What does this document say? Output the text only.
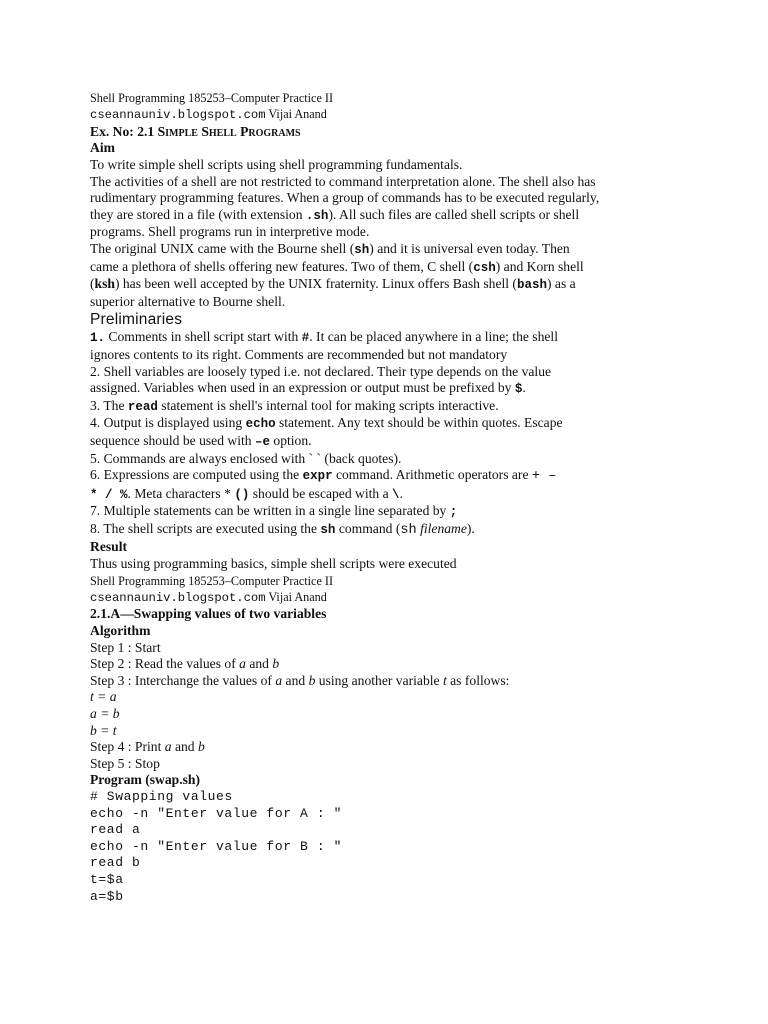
Shell Programming 185253–Computer Practice II
cseannauniv.blogspot.com Vijai Anand
Ex. No: 2.1 Simple Shell Programs
Aim
To write simple shell scripts using shell programming fundamentals.
The activities of a shell are not restricted to command interpretation alone. The shell also has
rudimentary programming features. When a group of commands has to be executed regularly,
they are stored in a file (with extension .sh). All such files are called shell scripts or shell
programs. Shell programs run in interpretive mode.
The original UNIX came with the Bourne shell (sh) and it is universal even today. Then
came a plethora of shells offering new features. Two of them, C shell (csh) and Korn shell
(ksh) has been well accepted by the UNIX fraternity. Linux offers Bash shell (bash) as a
superior alternative to Bourne shell.
Preliminaries
1. Comments in shell script start with #. It can be placed anywhere in a line; the shell
ignores contents to its right. Comments are recommended but not mandatory
2. Shell variables are loosely typed i.e. not declared. Their type depends on the value
assigned. Variables when used in an expression or output must be prefixed by $.
3. The read statement is shell's internal tool for making scripts interactive.
4. Output is displayed using echo statement. Any text should be within quotes. Escape
sequence should be used with –e option.
5. Commands are always enclosed with ` ` (back quotes).
6. Expressions are computed using the expr command. Arithmetic operators are + –
* / %. Meta characters * () should be escaped with a \.
7. Multiple statements can be written in a single line separated by ;
8. The shell scripts are executed using the sh command (sh filename).
Result
Thus using programming basics, simple shell scripts were executed
Shell Programming 185253–Computer Practice II
cseannauniv.blogspot.com Vijai Anand
2.1.A—Swapping values of two variables
Algorithm
Step 1 : Start
Step 2 : Read the values of a and b
Step 3 : Interchange the values of a and b using another variable t as follows:
t = a
a = b
b = t
Step 4 : Print a and b
Step 5 : Stop
Program (swap.sh)
# Swapping values
echo -n "Enter value for A : "
read a
echo -n "Enter value for B : "
read b
t=$a
a=$b
